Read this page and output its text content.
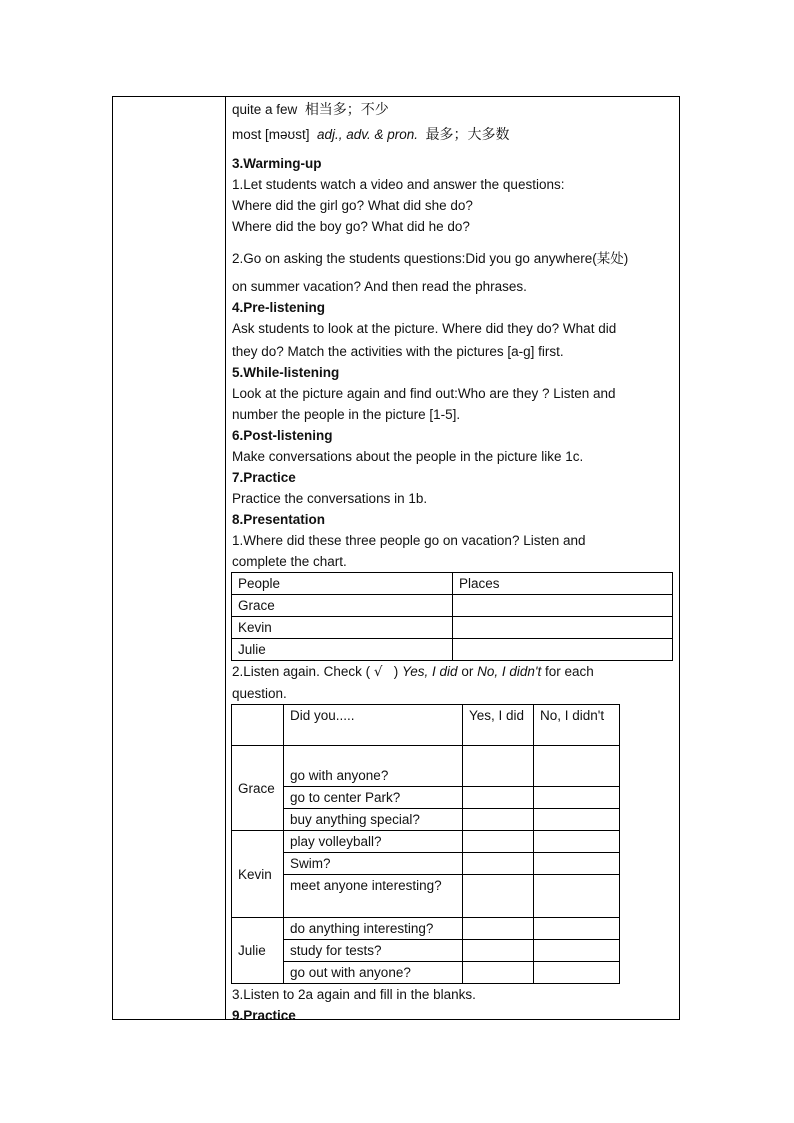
quite a few 相当多；不少

most [məʊst] adj., adv. & pron. 最多；大多数

3.Warming-up

1.Let students watch a video and answer the questions:

Where did the girl go? What did she do?

Where did the boy go? What did he do?

2.Go on asking the students questions:Did you go anywhere(某处)

on summer vacation? And then read the phrases.

4.Pre-listening

Ask students to look at the picture. Where did they do? What did

they do? Match the activities with the pictures [a-g] first.

5.While-listening

Look at the picture again and find out:Who are they ? Listen and

number the people in the picture [1-5].

6.Post-listening

Make conversations about the people in the picture like 1c.

7.Practice

Practice the conversations in 1b.

8.Presentation

1.Where did these three people go on vacation? Listen and

complete the chart.

People	Places
Grace	
Kevin	
Julie	

2.Listen again. Check ( √ ) Yes, I did or No, I didn't for each

question.

	Did you.....	Yes, I did	No, I didn't
Grace	go with anyone?		
	go to center Park?		
	buy anything special?		
Kevin	play volleyball?		
	Swim?		
	meet anyone interesting?		
Julie	do anything interesting?		
	study for tests?		
	go out with anyone?		

3.Listen to 2a again and fill in the blanks.

9.Practice
